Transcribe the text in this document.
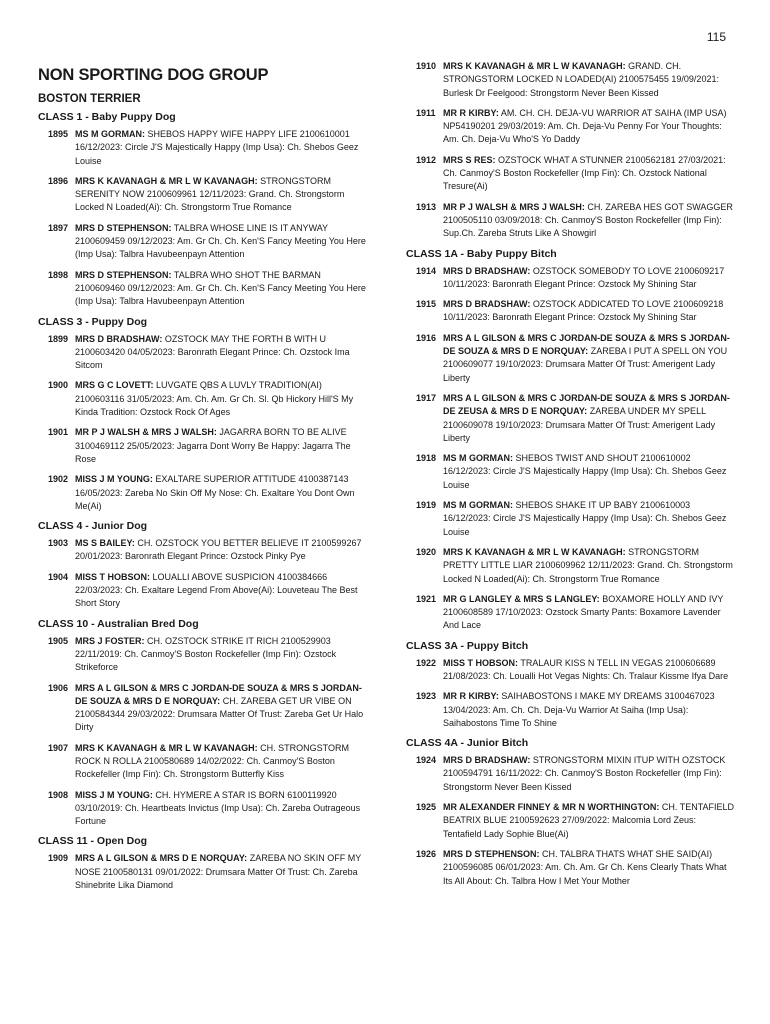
115
NON SPORTING DOG GROUP
BOSTON TERRIER
CLASS 1 - Baby Puppy Dog
1895 MS M GORMAN: SHEBOS HAPPY WIFE HAPPY LIFE 2100610001 16/12/2023: Circle J'S Majestically Happy (Imp Usa): Ch. Shebos Geez Louise
1896 MRS K KAVANAGH & MR L W KAVANAGH: STRONGSTORM SERENITY NOW 2100609961 12/11/2023: Grand. Ch. Strongstorm Locked N Loaded(Ai): Ch. Strongstorm True Romance
1897 MRS D STEPHENSON: TALBRA WHOSE LINE IS IT ANYWAY 2100609459 09/12/2023: Am. Gr Ch. Ch. Ken'S Fancy Meeting You Here (Imp Usa): Talbra Havubeenpayn Attention
1898 MRS D STEPHENSON: TALBRA WHO SHOT THE BARMAN 2100609460 09/12/2023: Am. Gr Ch. Ch. Ken'S Fancy Meeting You Here (Imp Usa): Talbra Havubeenpayn Attention
CLASS 3 - Puppy Dog
1899 MRS D BRADSHAW: OZSTOCK MAY THE FORTH B WITH U 2100603420 04/05/2023: Baronrath Elegant Prince: Ch. Ozstock Ima Sitcom
1900 MRS G C LOVETT: LUVGATE QBS A LUVLY TRADITION(AI) 2100603116 31/05/2023: Am. Ch. Am. Gr Ch. Sl. Qb Hickory Hill'S My Kinda Tradition: Ozstock Rock Of Ages
1901 MR P J WALSH & MRS J WALSH: JAGARRA BORN TO BE ALIVE 3100469112 25/05/2023: Jagarra Dont Worry Be Happy: Jagarra The Rose
1902 MISS J M YOUNG: EXALTARE SUPERIOR ATTITUDE 4100387143 16/05/2023: Zareba No Skin Off My Nose: Ch. Exaltare You Dont Own Me(Ai)
CLASS 4 - Junior Dog
1903 MS S BAILEY: CH. OZSTOCK YOU BETTER BELIEVE IT 2100599267 20/01/2023: Baronrath Elegant Prince: Ozstock Pinky Pye
1904 MISS T HOBSON: LOUALLI ABOVE SUSPICION 4100384666 22/03/2023: Ch. Exaltare Legend From Above(Ai): Louveteau The Best Short Story
CLASS 10 - Australian Bred Dog
1905 MRS J FOSTER: CH. OZSTOCK STRIKE IT RICH 2100529903 22/11/2019: Ch. Canmoy'S Boston Rockefeller (Imp Fin): Ozstock Strikeforce
1906 MRS A L GILSON & MRS C JORDAN-DE SOUZA & MRS S JORDAN-DE SOUZA & MRS D E NORQUAY: CH. ZAREBA GET UR VIBE ON 2100584344 29/03/2022: Drumsara Matter Of Trust: Zareba Get Ur Halo Dirty
1907 MRS K KAVANAGH & MR L W KAVANAGH: CH. STRONGSTORM ROCK N ROLLA 2100580689 14/02/2022: Ch. Canmoy'S Boston Rockefeller (Imp Fin): Ch. Strongstorm Butterfly Kiss
1908 MISS J M YOUNG: CH. HYMERE A STAR IS BORN 6100119920 03/10/2019: Ch. Heartbeats Invictus (Imp Usa): Ch. Zareba Outrageous Fortune
CLASS 11 - Open Dog
1909 MRS A L GILSON & MRS D E NORQUAY: ZAREBA NO SKIN OFF MY NOSE 2100580131 09/01/2022: Drumsara Matter Of Trust: Ch. Zareba Shinebrite Lika Diamond
1910 MRS K KAVANAGH & MR L W KAVANAGH: GRAND. CH. STRONGSTORM LOCKED N LOADED(AI) 2100575455 19/09/2021: Burlesk Dr Feelgood: Strongstorm Never Been Kissed
1911 MR R KIRBY: AM. CH. CH. DEJA-VU WARRIOR AT SAIHA (IMP USA) NP54190201 29/03/2019: Am. Ch. Deja-Vu Penny For Your Thoughts: Am. Ch. Deja-Vu Who'S Yo Daddy
1912 MRS S RES: OZSTOCK WHAT A STUNNER 2100562181 27/03/2021: Ch. Canmoy'S Boston Rockefeller (Imp Fin): Ch. Ozstock National Tresure(Ai)
1913 MR P J WALSH & MRS J WALSH: CH. ZAREBA HES GOT SWAGGER 2100505110 03/09/2018: Ch. Canmoy'S Boston Rockefeller (Imp Fin): Sup.Ch. Zareba Struts Like A Showgirl
CLASS 1A - Baby Puppy Bitch
1914 MRS D BRADSHAW: OZSTOCK SOMEBODY TO LOVE 2100609217 10/11/2023: Baronrath Elegant Prince: Ozstock My Shining Star
1915 MRS D BRADSHAW: OZSTOCK ADDICATED TO LOVE 2100609218 10/11/2023: Baronrath Elegant Prince: Ozstock My Shining Star
1916 MRS A L GILSON & MRS C JORDAN-DE SOUZA & MRS S JORDAN-DE SOUZA & MRS D E NORQUAY: ZAREBA I PUT A SPELL ON YOU 2100609077 19/10/2023: Drumsara Matter Of Trust: Amerigent Lady Liberty
1917 MRS A L GILSON & MRS C JORDAN-DE SOUZA & MRS S JORDAN-DE ZEUSA & MRS D E NORQUAY: ZAREBA UNDER MY SPELL 2100609078 19/10/2023: Drumsara Matter Of Trust: Amerigent Lady Liberty
1918 MS M GORMAN: SHEBOS TWIST AND SHOUT 2100610002 16/12/2023: Circle J'S Majestically Happy (Imp Usa): Ch. Shebos Geez Louise
1919 MS M GORMAN: SHEBOS SHAKE IT UP BABY 2100610003 16/12/2023: Circle J'S Majestically Happy (Imp Usa): Ch. Shebos Geez Louise
1920 MRS K KAVANAGH & MR L W KAVANAGH: STRONGSTORM PRETTY LITTLE LIAR 2100609962 12/11/2023: Grand. Ch. Strongstorm Locked N Loaded(Ai): Ch. Strongstorm True Romance
1921 MR G LANGLEY & MRS S LANGLEY: BOXAMORE HOLLY AND IVY 2100608589 17/10/2023: Ozstock Smarty Pants: Boxamore Lavender And Lace
CLASS 3A - Puppy Bitch
1922 MISS T HOBSON: TRALAUR KISS N TELL IN VEGAS 2100606689 21/08/2023: Ch. Loualli Hot Vegas Nights: Ch. Tralaur Kissme Ifya Dare
1923 MR R KIRBY: SAIHABOSTONS I MAKE MY DREAMS 3100467023 13/04/2023: Am. Ch. Ch. Deja-Vu Warrior At Saiha (Imp Usa): Saihabostons Time To Shine
CLASS 4A - Junior Bitch
1924 MRS D BRADSHAW: STRONGSTORM MIXIN ITUP WITH OZSTOCK 2100594791 16/11/2022: Ch. Canmoy'S Boston Rockefeller (Imp Fin): Strongstorm Never Been Kissed
1925 MR ALEXANDER FINNEY & MR N WORTHINGTON: CH. TENTAFIELD BEATRIX BLUE 2100592623 27/09/2022: Malcomia Lord Zeus: Tentafield Lady Sophie Blue(Ai)
1926 MRS D STEPHENSON: CH. TALBRA THATS WHAT SHE SAID(AI) 2100596085 06/01/2023: Am. Ch. Am. Gr Ch. Kens Clearly Thats What Its All About: Ch. Talbra How I Met Your Mother
